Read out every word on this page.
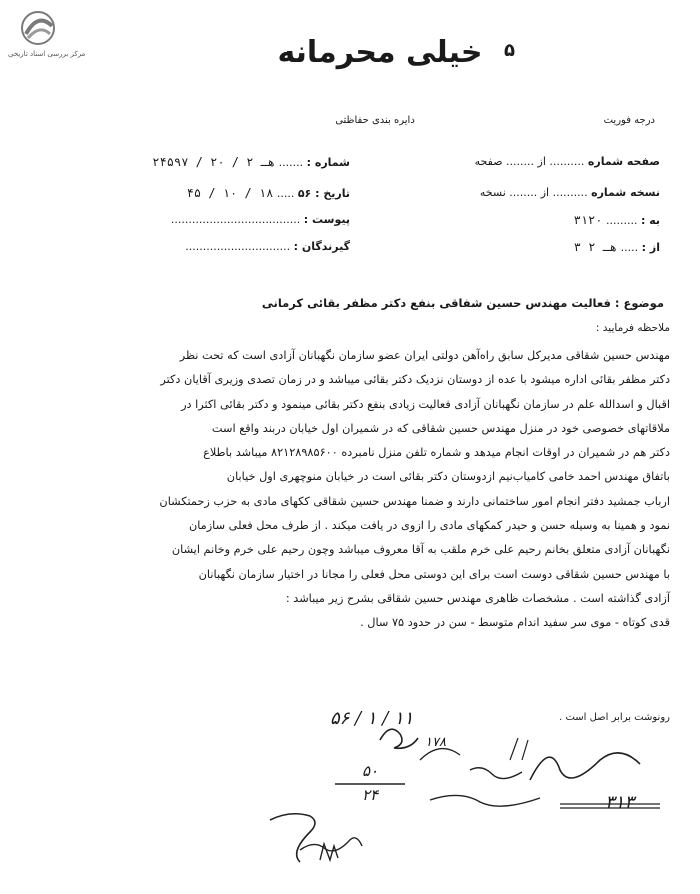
مرکز بررسی اسناد تاریخی	خیلی محرمانه	۵
دایره بندی حفاظتی	درجه فوریت
شماره : ....... ۲۴۵۹۷ / ۲۰ / ۲ هـ
تاریخ : ۵۶ ..... ۴۵ / ۱۰ / ۱۸
پیوست : .....................................
گیرندگان : ..............................
صفحه شماره .......... از ........ صفحه
نسخه شماره .......... از ........ نسخه
به : ......... ۳۱۲۰
از : ..... ۳ هـ ۲
موضوع : فعالیت مهندس حسین شفاقی بنفع دکتر مظفر بقائی کرمانی
ملاحظه فرمایید :

مهندس حسین شقاقی مدیرکل سابق راه‌آهن دولتی ایران عضو سازمان نگهبانان آزادی است که تحت نظر

دکتر مظفر بقائی اداره میشود با عده از دوستان نزدیک دکتر بقائی میباشد و در زمان تصدی وزیری آقایان دکتر

اقبال و اسدالله علم در سازمان نگهبانان آزادی فعالیت زیادی بنفع دکتر بقائی مینمود و دکتر بقائی اکثرا در

ملاقاتهای خصوصی خود در منزل مهندس حسین شقاقی که در شمیران اول خیابان دربند واقع است

دکتر هم در شمیران در اوقات انجام میدهد و شماره تلفن منزل نامبرده ۸۲۱۲۸۹۸۵۶۰۰ میباشد باطلاع

باتفاق مهندس احمد خامی کامیاب‌نیم ازدوستان دکتر بقائی است در خیابان منوچهری اول خیابان

ارباب جمشید دفتر انجام امور ساختمانی دارند و ضمنا مهندس حسین شقاقی ککهای مادی به حزب زحمتکشان

نمود و همینا به وسیله حسن و حیدر کمکهای مادی را ازوی در یافت میکند . از طرف محل فعلی سازمان

نگهبانان آزادی متعلق بخانم رحیم علی خرم ملقب به آقا معروف میباشد وچون رحیم علی خرم وخانم ایشان

با مهندس حسین شقاقی دوست است برای این دوستی محل فعلی را مجانا در اختیار سازمان نگهبانان

آزادی گذاشته است . مشخصات ظاهری مهندس حسین شقاقی بشرح زیر میباشد :

قدی کوتاه - موی سر سفید اندام متوسط - سن در حدود ۷۵ سال .

رونوشت برابر اصل است .
۵۶ / ۱ / ۱۱
۱۷۸
۵۰
۲۴	۳۱۳
